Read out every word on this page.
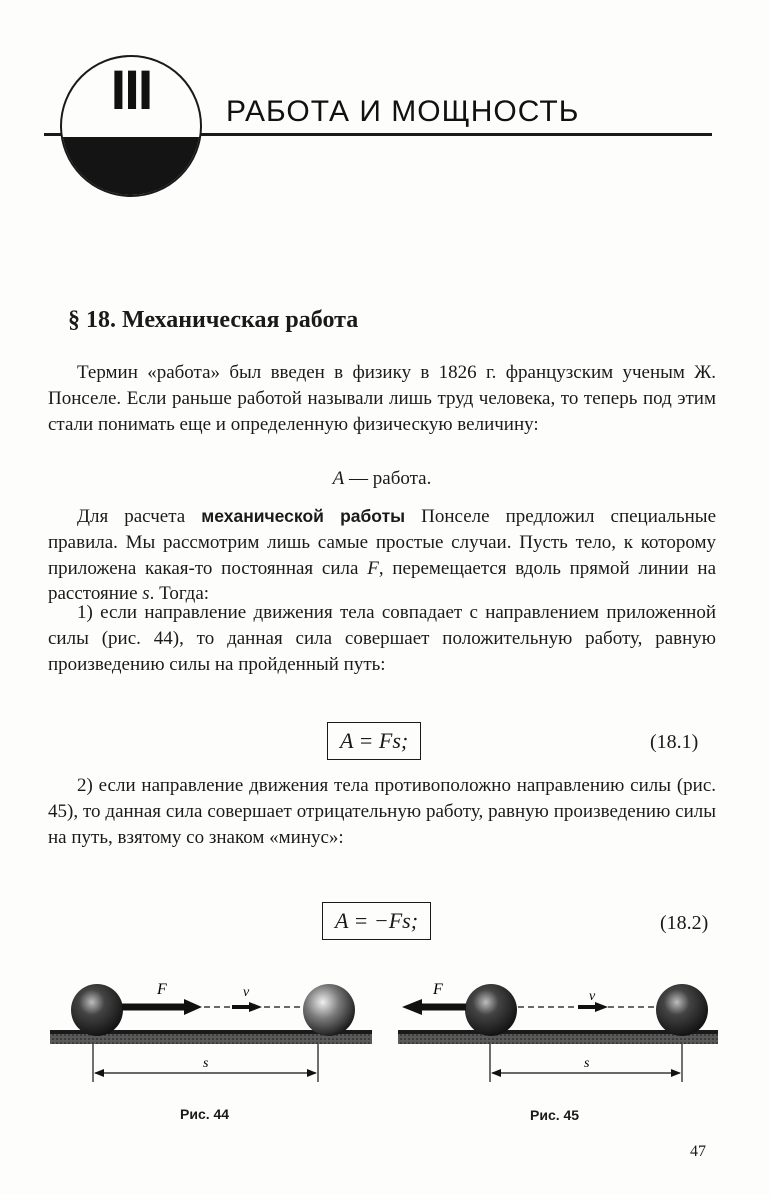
III	РАБОТА И МОЩНОСТЬ
§ 18. Механическая работа

Термин «работа» был введен в физику в 1826 г. французским ученым Ж. Понселе. Если раньше работой называли лишь труд человека, то теперь под этим стали понимать еще и определенную физическую величину:

A — работа.

Для расчета механической работы Понселе предложил специальные правила. Мы рассмотрим лишь самые простые случаи. Пусть тело, к которому приложена какая-то постоянная сила F, перемещается вдоль прямой линии на расстояние s. Тогда:

1) если направление движения тела совпадает с направлением приложенной силы (рис. 44), то данная сила совершает положительную работу, равную произведению силы на пройденный путь:

A = Fs;	(18.1)

2) если направление движения тела противоположно направлению силы (рис. 45), то данная сила совершает отрицательную работу, равную произведению силы на путь, взятому со знаком «минус»:

A = −Fs;	(18.2)
F	v
s
F	v
s
Рис. 44	Рис. 45
47
